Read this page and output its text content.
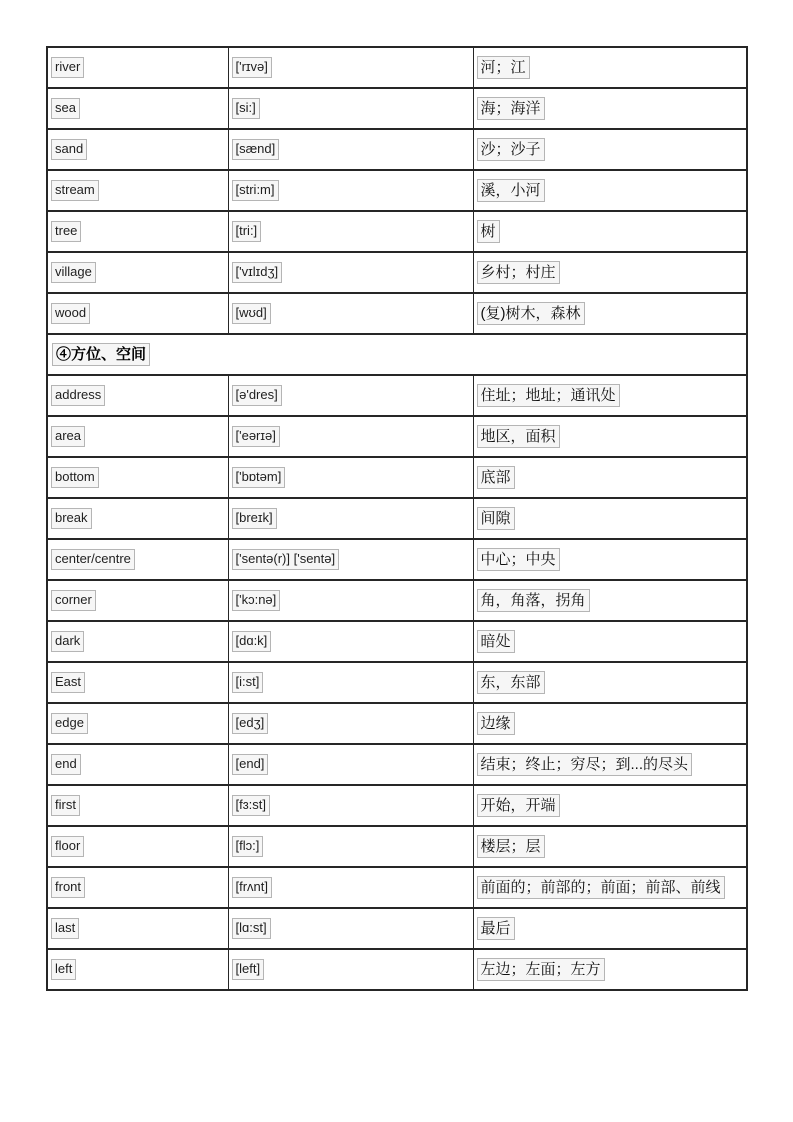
river	['rɪvə]	河；江
sea	[si:]	海；海洋
sand	[sænd]	沙；沙子
stream	[stri:m]	溪，小河
tree	[tri:]	树
village	['vɪlɪdʒ]	乡村；村庄
wood	[wʊd]	(复)树木，森林
④方位、空间		
address	[ə'dres]	住址；地址；通讯处
area	['eərɪə]	地区，面积
bottom	['bɒtəm]	底部
break	[breɪk]	间隙
center/centre	['sentə(r)] ['sentə]	中心；中央
corner	['kɔ:nə]	角，角落，拐角
dark	[dɑ:k]	暗处
East	[i:st]	东，东部
edge	[edʒ]	边缘
end	[end]	结束；终止；穷尽；到...的尽头
first	[fɜ:st]	开始，开端
floor	[flɔ:]	楼层；层
front	[frʌnt]	前面的；前部的；前面；前部、前线
last	[lɑ:st]	最后
left	[left]	左边；左面；左方
